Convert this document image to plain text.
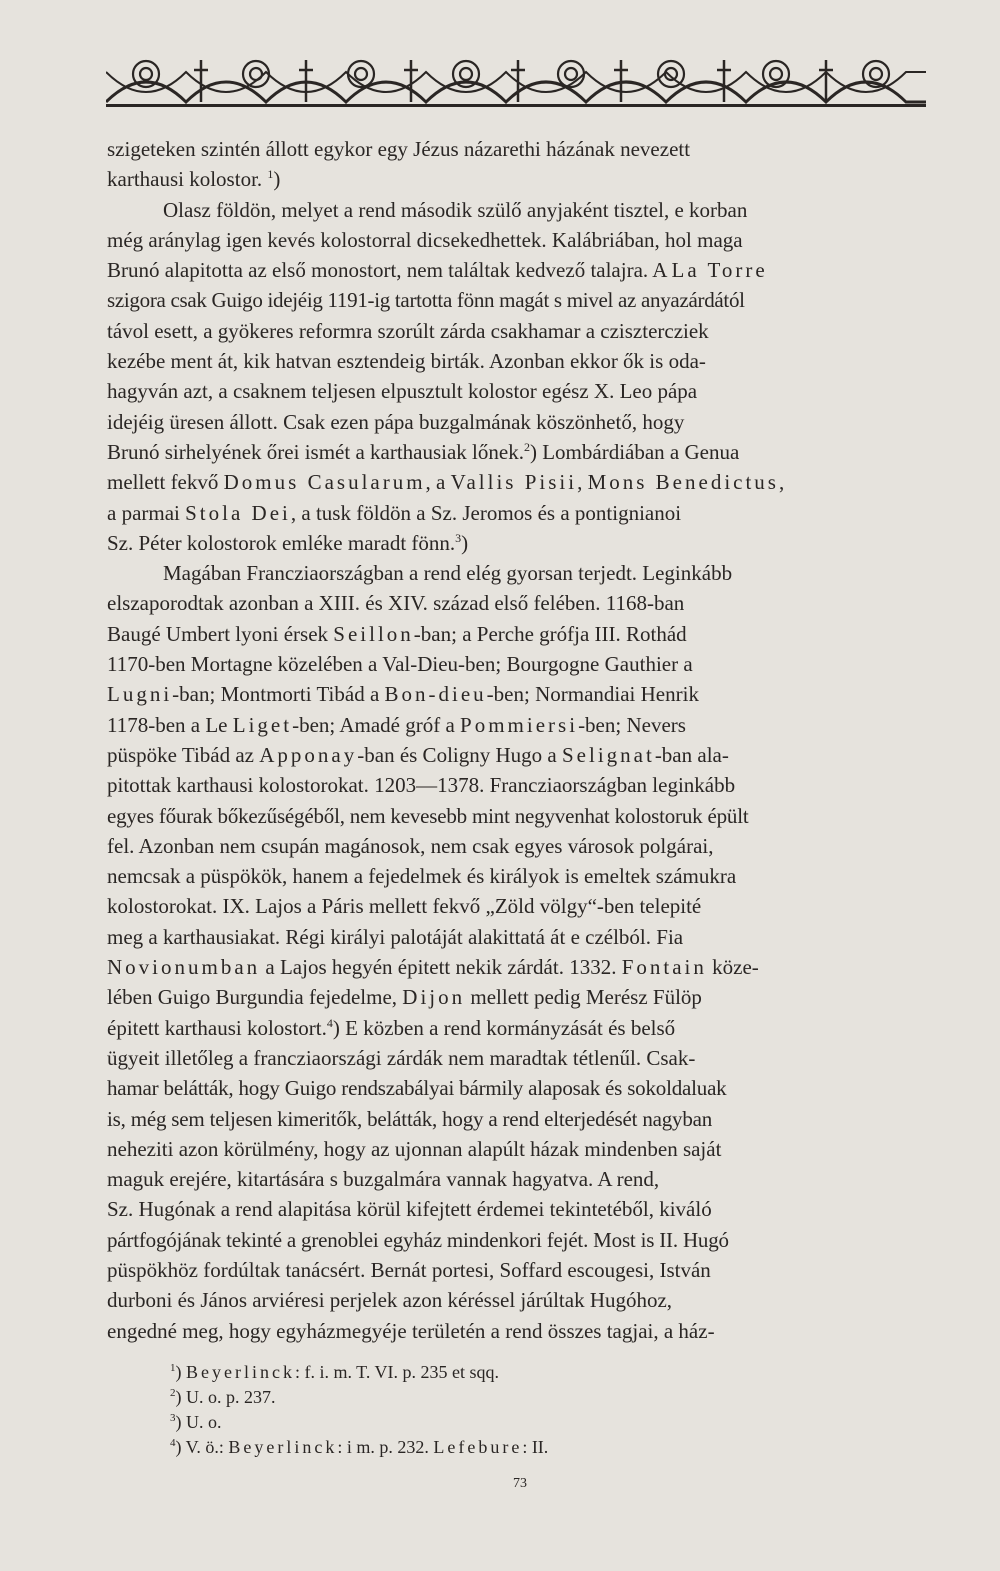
szigeteken szintén állott egykor egy Jézus názarethi házának nevezett
karthausi kolostor. $^1$)
Olasz földön, melyet a rend második szülő anyjaként tisztel, e korban
még aránylag igen kevés kolostorral dicsekedhettek. Kalábriában, hol maga
Brunó alapitotta az első monostort, nem találtak kedvező talajra. A La Torre
szigora csak Guigo idejéig 1191-ig tartotta fönn magát s mivel az anyazárdától
távol esett, a gyökeres reformra szorúlt zárda csakhamar a czisztercziek
kezébe ment át, kik hatvan esztendeig birták. Azonban ekkor ők is oda-
hagyván azt, a csaknem teljesen elpusztult kolostor egész X. Leo pápa
idejéig üresen állott. Csak ezen pápa buzgalmának köszönhető, hogy
Brunó sirhelyének őrei ismét a karthausiak lőnek.$^2$) Lombárdiában a Genua
mellett fekvő Domus Casularum, a Vallis Pisii, Mons Benedictus,
a parmai Stola Dei, a tusk földön a Sz. Jeromos és a pontignianoi
Sz. Péter kolostorok emléke maradt fönn.$^3$)
Magában Francziaországban a rend elég gyorsan terjedt. Leginkább
elszaporodtak azonban a XIII. és XIV. század első felében. 1168-ban
Baugé Umbert lyoni érsek Seillon-ban; a Perche grófja III. Rothád
1170-ben Mortagne közelében a Val-Dieu-ben; Bourgogne Gauthier a
Lugni-ban; Montmorti Tibád a Bon-dieu-ben; Normandiai Henrik
1178-ben a Le Liget-ben; Amadé gróf a Pommiersi-ben; Nevers
püspöke Tibád az Apponay-ban és Coligny Hugo a Selignat-ban ala-
pitottak karthausi kolostorokat. 1203—1378. Francziaországban leginkább
egyes főurak bőkezűségéből, nem kevesebb mint negyvenhat kolostoruk épült
fel. Azonban nem csupán magánosok, nem csak egyes városok polgárai,
nemcsak a püspökök, hanem a fejedelmek és királyok is emeltek számukra
kolostorokat. IX. Lajos a Páris mellett fekvő „Zöld völgy“-ben telepité
meg a karthausiakat. Régi királyi palotáját alakittatá át e czélból. Fia
Novionumban a Lajos hegyén épitett nekik zárdát. 1332. Fontain köze-
lében Guigo Burgundia fejedelme, Dijon mellett pedig Merész Fülöp
épitett karthausi kolostort.$^4$) E közben a rend kormányzását és belső
ügyeit illetőleg a francziaországi zárdák nem maradtak tétlenűl. Csak-
hamar belátták, hogy Guigo rendszabályai bármily alaposak és sokoldaluak
is, még sem teljesen kimeritők, belátták, hogy a rend elterjedését nagyban
neheziti azon körülmény, hogy az ujonnan alapúlt házak mindenben saját
maguk erejére, kitartására s buzgalmára vannak hagyatva. A rend,
Sz. Hugónak a rend alapitása körül kifejtett érdemei tekintetéből, kiváló
pártfogójának tekinté a grenoblei egyház mindenkori fejét. Most is II. Hugó
püspökhöz fordúltak tanácsért. Bernát portesi, Soffard escougesi, István
durboni és János arviéresi perjelek azon kéréssel járúltak Hugóhoz,
engedné meg, hogy egyházmegyéje területén a rend összes tagjai, a ház-
$^1$) Beyerlinck: f. i. m. T. VI. p. 235 et sqq.
$^2$) U. o. p. 237.
$^3$) U. o.
$^4$) V. ö.: Beyerlinck: i m. p. 232. Lefebure: II.
73
